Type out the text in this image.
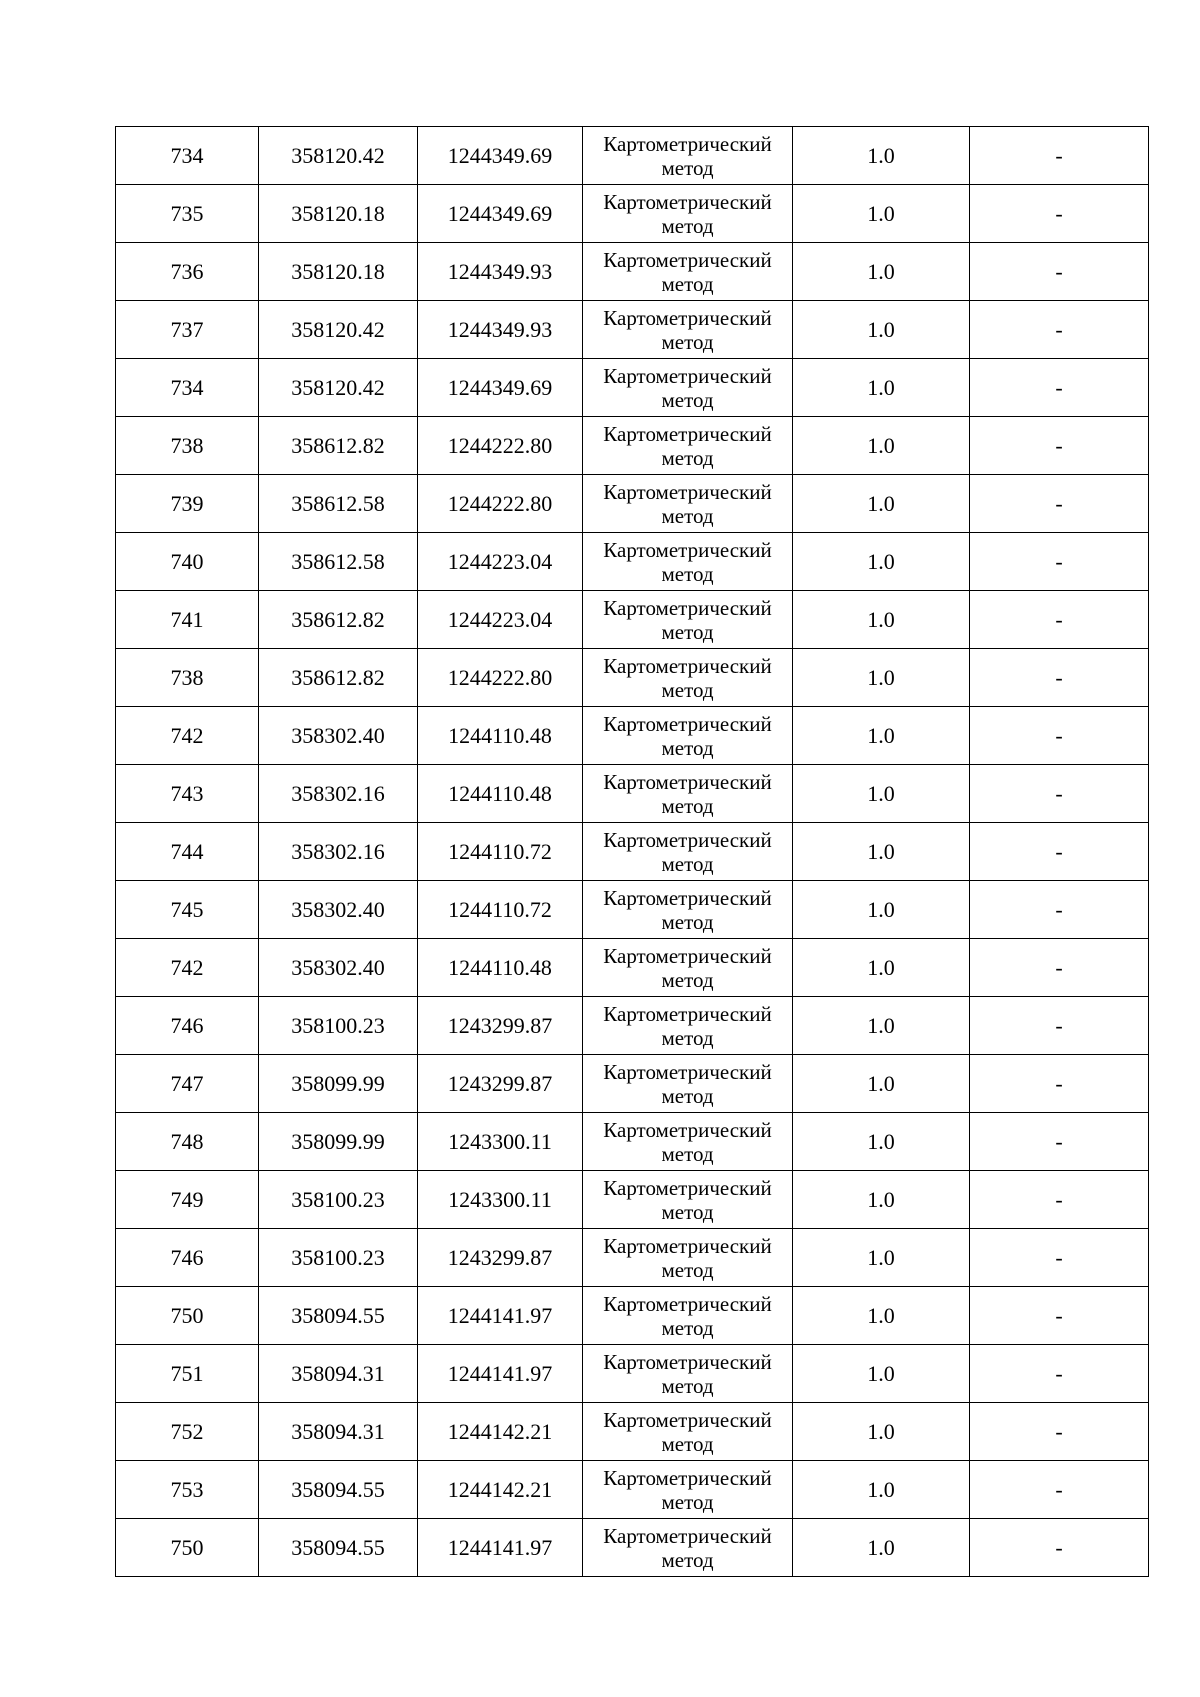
734	358120.42	1244349.69	Картометрический метод	1.0	-
735	358120.18	1244349.69	Картометрический метод	1.0	-
736	358120.18	1244349.93	Картометрический метод	1.0	-
737	358120.42	1244349.93	Картометрический метод	1.0	-
734	358120.42	1244349.69	Картометрический метод	1.0	-
738	358612.82	1244222.80	Картометрический метод	1.0	-
739	358612.58	1244222.80	Картометрический метод	1.0	-
740	358612.58	1244223.04	Картометрический метод	1.0	-
741	358612.82	1244223.04	Картометрический метод	1.0	-
738	358612.82	1244222.80	Картометрический метод	1.0	-
742	358302.40	1244110.48	Картометрический метод	1.0	-
743	358302.16	1244110.48	Картометрический метод	1.0	-
744	358302.16	1244110.72	Картометрический метод	1.0	-
745	358302.40	1244110.72	Картометрический метод	1.0	-
742	358302.40	1244110.48	Картометрический метод	1.0	-
746	358100.23	1243299.87	Картометрический метод	1.0	-
747	358099.99	1243299.87	Картометрический метод	1.0	-
748	358099.99	1243300.11	Картометрический метод	1.0	-
749	358100.23	1243300.11	Картометрический метод	1.0	-
746	358100.23	1243299.87	Картометрический метод	1.0	-
750	358094.55	1244141.97	Картометрический метод	1.0	-
751	358094.31	1244141.97	Картометрический метод	1.0	-
752	358094.31	1244142.21	Картометрический метод	1.0	-
753	358094.55	1244142.21	Картометрический метод	1.0	-
750	358094.55	1244141.97	Картометрический метод	1.0	-
